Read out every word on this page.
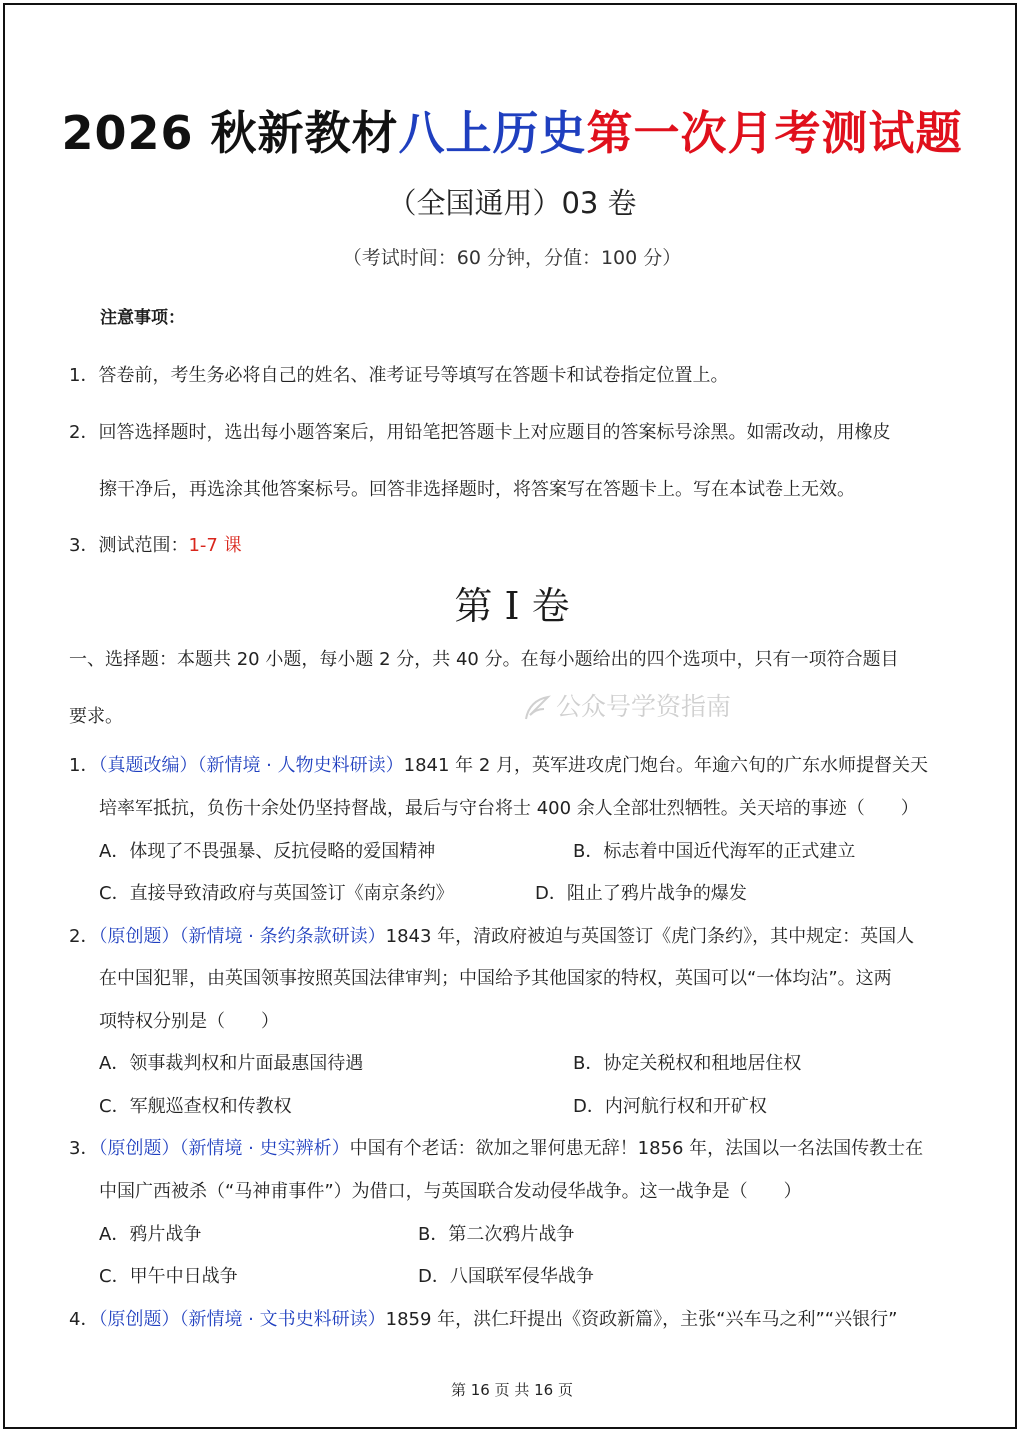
2026 秋新教材八上历史第一次月考测试题
（全国通用）03 卷
（考试时间：60 分钟，分值：100 分）
注意事项：
1．答卷前，考生务必将自己的姓名、准考证号等填写在答题卡和试卷指定位置上。
2．回答选择题时，选出每小题答案后，用铅笔把答题卡上对应题目的答案标号涂黑。如需改动，用橡皮
擦干净后，再选涂其他答案标号。回答非选择题时，将答案写在答题卡上。写在本试卷上无效。
3．测试范围：1-7 课
第 I 卷
一、选择题：本题共 20 小题，每小题 2 分，共 40 分。在每小题给出的四个选项中，只有一项符合题目
要求。	公众号学资指南
1．（真题改编）（新情境 · 人物史料研读）1841 年 2 月，英军进攻虎门炮台。年逾六旬的广东水师提督关天
培率军抵抗，负伤十余处仍坚持督战，最后与守台将士 400 余人全部壮烈牺牲。关天培的事迹（　　）
A．体现了不畏强暴、反抗侵略的爱国精神	B．标志着中国近代海军的正式建立
C．直接导致清政府与英国签订《南京条约》	D．阻止了鸦片战争的爆发
2．（原创题）（新情境 · 条约条款研读）1843 年，清政府被迫与英国签订《虎门条约》，其中规定：英国人
在中国犯罪，由英国领事按照英国法律审判；中国给予其他国家的特权，英国可以“一体均沾”。这两
项特权分别是（　　）
A．领事裁判权和片面最惠国待遇	B．协定关税权和租地居住权
C．军舰巡查权和传教权	D．内河航行权和开矿权
3．（原创题）（新情境 · 史实辨析）中国有个老话：欲加之罪何患无辞！1856 年，法国以一名法国传教士在
中国广西被杀（“马神甫事件”）为借口，与英国联合发动侵华战争。这一战争是（　　）
A．鸦片战争	B．第二次鸦片战争
C．甲午中日战争	D．八国联军侵华战争
4．（原创题）（新情境 · 文书史料研读）1859 年，洪仁玕提出《资政新篇》，主张“兴车马之利”“兴银行”
第 16 页 共 16 页
